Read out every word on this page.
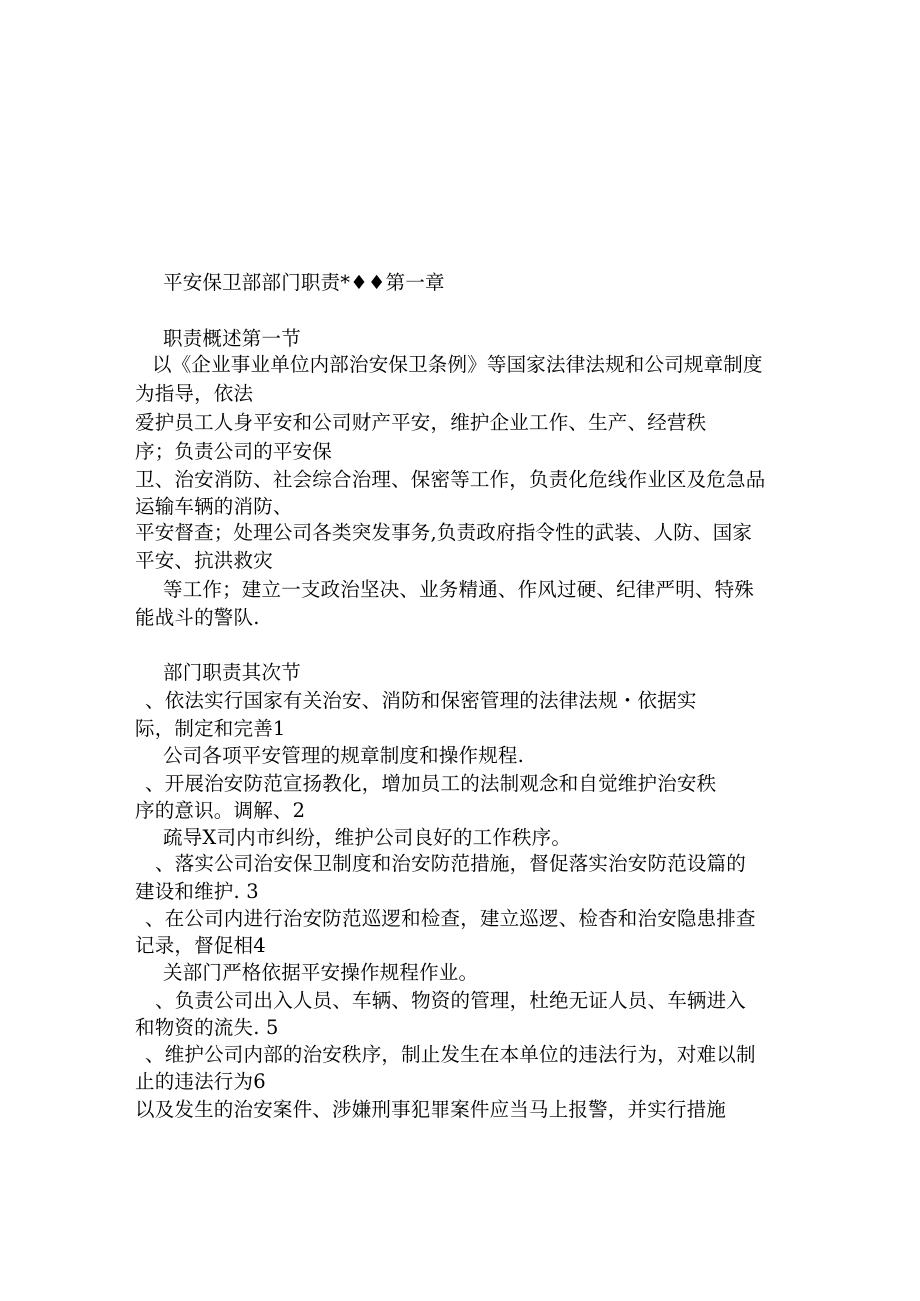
平安保卫部部门职责*♦♦第一章
职责概述第一节
以《企业事业单位内部治安保卫条例》等国家法律法规和公司规章制度
为指导，依法
爱护员工人身平安和公司财产平安，维护企业工作、生产、经营秩
序；负责公司的平安保
卫、治安消防、社会综合治理、保密等工作，负责化危线作业区及危急品
运输车辆的消防、
平安督查；处理公司各类突发事务,负责政府指令性的武装、人防、国家
平安、抗洪救灾
等工作；建立一支政治坚决、业务精通、作风过硬、纪律严明、特殊
能战斗的警队.
部门职责其次节
、依法实行国家有关治安、消防和保密管理的法律法规・依据实
际，制定和完善1
公司各项平安管理的规章制度和操作规程.
、开展治安防范宣扬教化，增加员工的法制观念和自觉维护治安秩
序的意识。调解、2
疏导X司内市纠纷，维护公司良好的工作秩序。
、落实公司治安保卫制度和治安防范措施，督促落实治安防范设篇的
建设和维护. 3
、在公司内进行治安防范巡逻和检查，建立巡逻、检杳和治安隐患排查
记录，督促相4
关部门严格依据平安操作规程作业。
、负责公司出入人员、车辆、物资的管理，杜绝无证人员、车辆进入
和物资的流失. 5
、维护公司内部的治安秩序，制止发生在本单位的违法行为，对难以制
止的违法行为6
以及发生的治安案件、涉嫌刑事犯罪案件应当马上报警，并实行措施
